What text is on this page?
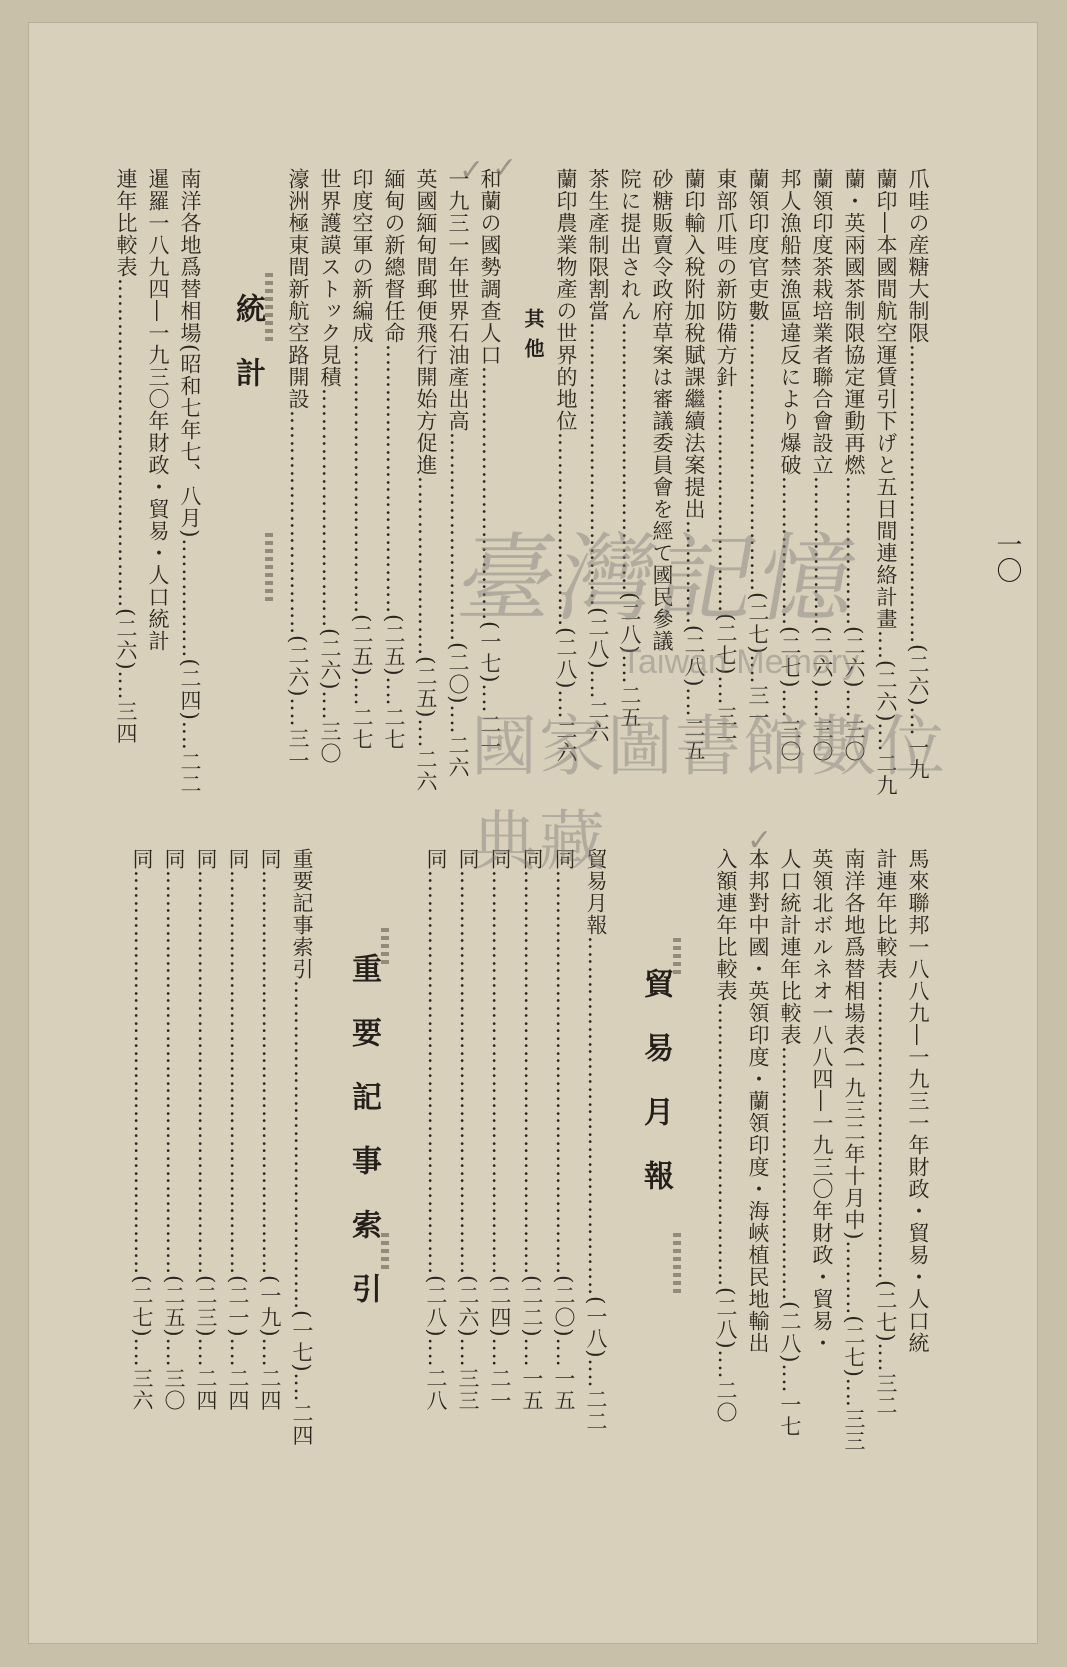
一〇
爪哇の産糖大制限‥‥‥‥‥‥‥‥‥‥‥‥‥‥‥‥‥‥‥‥(二六)‥‥一九
蘭印―本國間航空運賃引下げと五日間連絡計畫‥‥(二六)‥‥二九
蘭・英兩國茶制限協定運動再燃‥‥‥‥‥‥‥‥‥‥(二六)‥‥三〇
蘭領印度茶栽培業者聯合會設立‥‥‥‥‥‥‥‥‥‥(二六)‥‥三〇
邦人漁船禁漁區違反により爆破‥‥‥‥‥‥‥‥‥‥(二七)‥‥三〇
蘭領印度官吏數‥‥‥‥‥‥‥‥‥‥‥‥‥‥‥‥‥‥(二七)‥‥三一
東部爪哇の新防備方針‥‥‥‥‥‥‥‥‥‥‥‥‥‥‥(二七)‥‥三一
蘭印輸入稅附加稅賦課繼續法案提出‥‥‥‥‥‥‥(二八)‥‥二五
砂糖販賣令政府草案は審議委員會を經て國民參議
院に提出されん‥‥‥‥‥‥‥‥‥‥‥‥‥‥‥‥‥‥(二八)‥‥二五
茶生產制限割當‥‥‥‥‥‥‥‥‥‥‥‥‥‥‥‥‥‥‥(二八)‥‥二六
蘭印農業物產の世界的地位‥‥‥‥‥‥‥‥‥‥‥‥‥(二八)‥‥二六
其他
和蘭の國勢調查人口‥‥‥‥‥‥‥‥‥‥‥‥‥‥‥‥‥(一七)‥‥二一
一九三一年世界石油產出高‥‥‥‥‥‥‥‥‥‥‥‥‥‥(二〇)‥‥二六
英國緬甸間郵便飛行開始方促進‥‥‥‥‥‥‥‥‥‥‥‥(二五)‥‥二六
緬甸の新總督任命‥‥‥‥‥‥‥‥‥‥‥‥‥‥‥‥‥‥(二五)‥‥二七
印度空軍の新編成‥‥‥‥‥‥‥‥‥‥‥‥‥‥‥‥‥‥(二五)‥‥二七
世界護謨ストック見積‥‥‥‥‥‥‥‥‥‥‥‥‥‥‥‥(二六)‥‥三〇
濠洲極東間新航空路開設‥‥‥‥‥‥‥‥‥‥‥‥‥‥‥(二六)‥‥三一
統計
南洋各地爲替相場(昭和七年七、八月)‥‥‥‥‥‥‥‥(二四)‥‥二二
暹羅一八九四―一九三〇年財政・貿易・人口統計
連年比較表‥‥‥‥‥‥‥‥‥‥‥‥‥‥‥‥‥‥‥‥‥‥(二六)‥‥三四
馬來聯邦一八八九―一九三一年財政・貿易・人口統
計連年比較表‥‥‥‥‥‥‥‥‥‥‥‥‥‥‥‥‥‥‥‥(二七)‥‥三二
南洋各地爲替相場表(一九三二年十月中)‥‥‥‥‥(二七)‥‥三三
英領北ボルネオ一八八四―一九三〇年財政・貿易・
人口統計連年比較表‥‥‥‥‥‥‥‥‥‥‥‥‥‥‥‥‥(二八)‥‥一七
本邦對中國・英領印度・蘭領印度・海峽植民地輸出
入額連年比較表‥‥‥‥‥‥‥‥‥‥‥‥‥‥‥‥‥‥‥(二八)‥‥二〇
貿易月報
貿易月報‥‥‥‥‥‥‥‥‥‥‥‥‥‥‥‥‥‥‥‥‥‥‥‥(一八)‥‥二二
同‥‥‥‥‥‥‥‥‥‥‥‥‥‥‥‥‥‥‥‥‥‥‥‥‥‥‥(二〇)‥‥一五
同‥‥‥‥‥‥‥‥‥‥‥‥‥‥‥‥‥‥‥‥‥‥‥‥‥‥‥(二二)‥‥一五
同‥‥‥‥‥‥‥‥‥‥‥‥‥‥‥‥‥‥‥‥‥‥‥‥‥‥‥(二四)‥‥二一
同‥‥‥‥‥‥‥‥‥‥‥‥‥‥‥‥‥‥‥‥‥‥‥‥‥‥‥(二六)‥‥三三
同‥‥‥‥‥‥‥‥‥‥‥‥‥‥‥‥‥‥‥‥‥‥‥‥‥‥‥(二八)‥‥二八
重要記事索引
重要記事索引‥‥‥‥‥‥‥‥‥‥‥‥‥‥‥‥‥‥‥‥‥‥(一七)‥‥二四
同‥‥‥‥‥‥‥‥‥‥‥‥‥‥‥‥‥‥‥‥‥‥‥‥‥‥‥(一九)‥‥二四
同‥‥‥‥‥‥‥‥‥‥‥‥‥‥‥‥‥‥‥‥‥‥‥‥‥‥‥(二一)‥‥二四
同‥‥‥‥‥‥‥‥‥‥‥‥‥‥‥‥‥‥‥‥‥‥‥‥‥‥‥(二三)‥‥二四
同‥‥‥‥‥‥‥‥‥‥‥‥‥‥‥‥‥‥‥‥‥‥‥‥‥‥‥(二五)‥‥三〇
同‥‥‥‥‥‥‥‥‥‥‥‥‥‥‥‥‥‥‥‥‥‥‥‥‥‥‥(二七)‥‥三六
✓ ✓
✓
臺灣記憶
Taiwan Memory
國家圖書館數位典藏
